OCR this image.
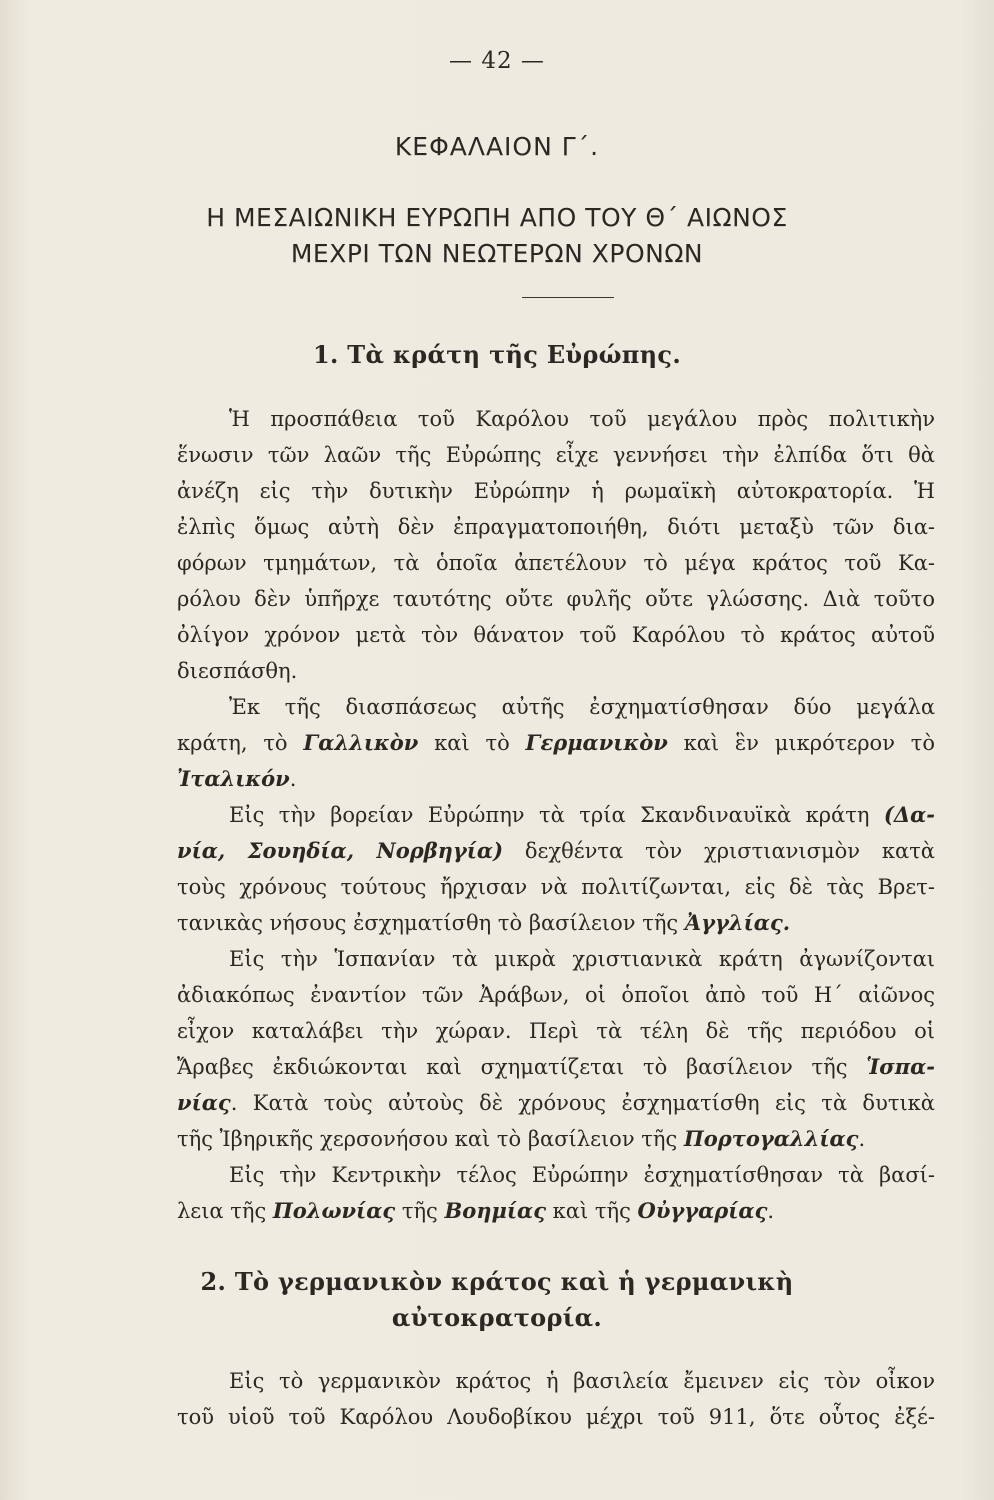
— 42 —
ΚΕΦΑΛΑΙΟΝ Γ΄.
Η ΜΕΣΑΙΩΝΙΚΗ ΕΥΡΩΠΗ ΑΠΟ ΤΟΥ Θ΄ ΑΙΩΝΟΣ
ΜΕΧΡΙ ΤΩΝ ΝΕΩΤΕΡΩΝ ΧΡΟΝΩΝ
1. Τὰ κράτη τῆς Εὐρώπης.
Ἡ προσπάθεια τοῦ Καρόλου τοῦ μεγάλου πρὸς πολιτικὴν
ἕνωσιν τῶν λαῶν τῆς Εὐρώπης εἶχε γεννήσει τὴν ἐλπίδα ὅτι θὰ
ἀνέζη εἰς τὴν δυτικὴν Εὐρώπην ἡ ρωμαϊκὴ αὐτοκρατορία. Ἡ
ἐλπὶς ὅμως αὐτὴ δὲν ἐπραγματοποιήθη, διότι μεταξὺ τῶν δια-
φόρων τμημάτων, τὰ ὁποῖα ἀπετέλουν τὸ μέγα κράτος τοῦ Κα-
ρόλου δὲν ὑπῆρχε ταυτότης οὔτε φυλῆς οὔτε γλώσσης. Διὰ τοῦτο
ὀλίγον χρόνον μετὰ τὸν θάνατον τοῦ Καρόλου τὸ κράτος αὐτοῦ
διεσπάσθη.
Ἐκ τῆς διασπάσεως αὐτῆς ἐσχηματίσθησαν δύο μεγάλα
κράτη, τὸ Γαλλικὸν καὶ τὸ Γερμανικὸν καὶ ἓν μικρότερον τὸ
Ἰταλικόν.
Εἰς τὴν βορείαν Εὐρώπην τὰ τρία Σκανδιναυϊκὰ κράτη (Δα-
νία, Σουηδία, Νορβηγία) δεχθέντα τὸν χριστιανισμὸν κατὰ
τοὺς χρόνους τούτους ἤρχισαν νὰ πολιτίζωνται, εἰς δὲ τὰς Βρετ-
τανικὰς νήσους ἐσχηματίσθη τὸ βασίλειον τῆς Ἀγγλίας.
Εἰς τὴν Ἱσπανίαν τὰ μικρὰ χριστιανικὰ κράτη ἀγωνίζονται
ἀδιακόπως ἐναντίον τῶν Ἀράβων, οἱ ὁποῖοι ἀπὸ τοῦ Η΄ αἰῶνος
εἶχον καταλάβει τὴν χώραν. Περὶ τὰ τέλη δὲ τῆς περιόδου οἱ
Ἄραβες ἐκδιώκονται καὶ σχηματίζεται τὸ βασίλειον τῆς Ἱσπα-
νίας. Κατὰ τοὺς αὐτοὺς δὲ χρόνους ἐσχηματίσθη εἰς τὰ δυτικὰ
τῆς Ἰβηρικῆς χερσονήσου καὶ τὸ βασίλειον τῆς Πορτογαλλίας.
Εἰς τὴν Κεντρικὴν τέλος Εὐρώπην ἐσχηματίσθησαν τὰ βασί-
λεια τῆς Πολωνίας τῆς Βοημίας καὶ τῆς Οὐγγαρίας.
Εἰς τὸ γερμανικὸν κράτος ἡ βασιλεία ἔμεινεν εἰς τὸν οἶκον
τοῦ υἱοῦ τοῦ Καρόλου Λουδοβίκου μέχρι τοῦ 911, ὅτε οὗτος ἐξέ-
2. Τὸ γερμανικὸν κράτος καὶ ἡ γερμανικὴ
αὐτοκρατορία.
